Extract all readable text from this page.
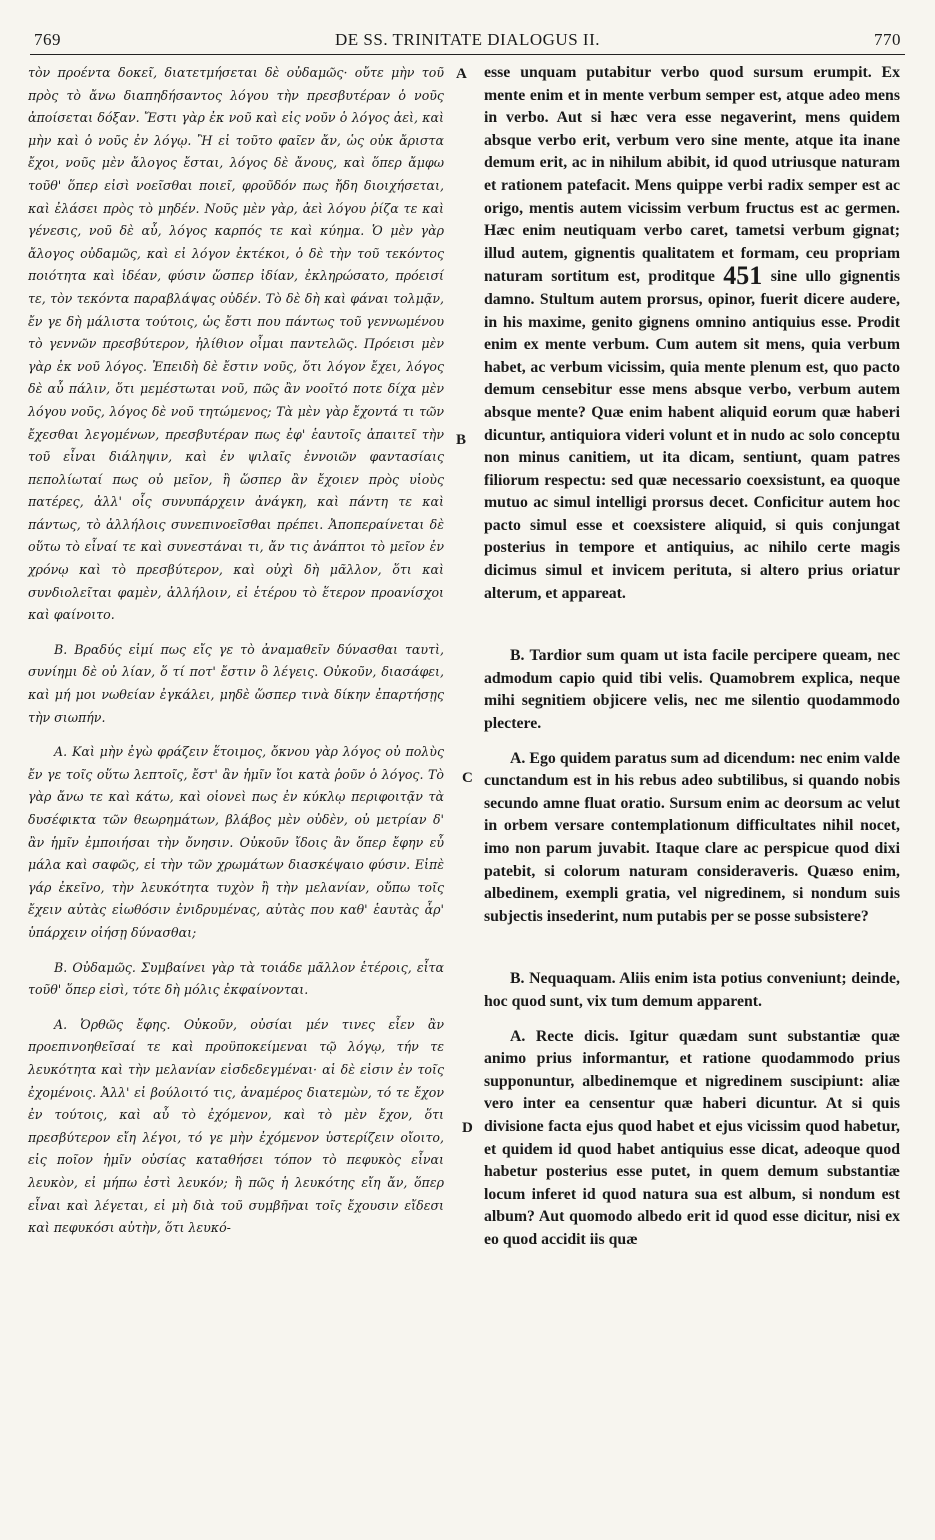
769	DE SS. TRINITATE DIALOGUS II.	770

τὸν προέντα δοκεῖ, διατετμήσεται δὲ οὐδαμῶς· οὔτε μὴν τοῦ πρὸς τὸ ἄνω διαπηδήσαντος λόγου τὴν πρεσβυτέραν ὁ νοῦς ἀποίσεται δόξαν. Ἔστι γὰρ ἐκ νοῦ καὶ εἰς νοῦν ὁ λόγος ἀεὶ, καὶ μὴν καὶ ὁ νοῦς ἐν λόγῳ. Ἢ εἰ τοῦτο φαῖεν ἄν, ὡς οὐκ ἄριστα ἔχοι, νοῦς μὲν ἄλογος ἔσται, λόγος δὲ ἄνους, καὶ ὅπερ ἄμφω τοῦθ' ὅπερ εἰσὶ νοεῖσθαι ποιεῖ, φροῦδόν πως ἤδη διοιχήσεται, καὶ ἐλάσει πρὸς τὸ μηδέν. Νοῦς μὲν γὰρ, ἀεὶ λόγου ῥίζα τε καὶ γένεσις, νοῦ δὲ αὖ, λόγος καρπός τε καὶ κύημα. Ὁ μὲν γὰρ ἄλογος οὐδαμῶς, καὶ εἰ λόγον ἐκτέκοι, ὁ δὲ τὴν τοῦ τεκόντος ποιότητα καὶ ἰδέαν, φύσιν ὥσπερ ἰδίαν, ἐκληρώσατο, πρόεισί τε, τὸν τεκόντα παραβλάψας οὐδέν. Τὸ δὲ δὴ καὶ φάναι τολμᾷν, ἔν γε δὴ μάλιστα τούτοις, ὡς ἔστι που πάντως τοῦ γεννωμένου τὸ γεννῶν πρεσβύτερον, ἠλίθιον οἶμαι παντελῶς. Πρόεισι μὲν γὰρ ἐκ νοῦ λόγος. Ἐπειδὴ δὲ ἔστιν νοῦς, ὅτι λόγον ἔχει, λόγος δὲ αὖ πάλιν, ὅτι μεμέστωται νοῦ, πῶς ἂν νοοῖτό ποτε δίχα μὲν λόγου νοῦς, λόγος δὲ νοῦ τητώμενος; Τὰ μὲν γὰρ ἔχοντά τι τῶν ἔχεσθαι λεγομένων, πρεσβυτέραν πως ἐφ' ἑαυτοῖς ἀπαιτεῖ τὴν τοῦ εἶναι διάληψιν, καὶ ἐν ψιλαῖς ἐννοιῶν φαντασίαις πεπολίωταί πως οὐ μεῖον, ἢ ὥσπερ ἂν ἔχοιεν πρὸς υἱοὺς πατέρες, ἀλλ' οἷς συνυπάρχειν ἀνάγκη, καὶ πάντη τε καὶ πάντως, τὸ ἀλλήλοις συνεπινοεῖσθαι πρέπει. Ἀποπεραίνεται δὲ οὕτω τὸ εἶναί τε καὶ συνεστάναι τι, ἄν τις ἀνάπτοι τὸ μεῖον ἐν χρόνῳ καὶ τὸ πρεσβύτερον, καὶ οὐχὶ δὴ μᾶλλον, ὅτι καὶ συνδιολεῖται φαμὲν, ἀλλήλοιν, εἰ ἑτέρου τὸ ἕτερον προανίσχοι καὶ φαίνοιτο.

Β. Βραδύς εἰμί πως εἴς γε τὸ ἀναμαθεῖν δύνασθαι ταυτὶ, συνίημι δὲ οὐ λίαν, ὅ τί ποτ' ἔστιν ὃ λέγεις. Οὐκοῦν, διασάφει, καὶ μή μοι νωθείαν ἐγκάλει, μηδὲ ὥσπερ τινὰ δίκην ἐπαρτήσῃς τὴν σιωπήν.

Α. Καὶ μὴν ἐγὼ φράζειν ἕτοιμος, ὄκνου γὰρ λόγος οὐ πολὺς ἔν γε τοῖς οὕτω λεπτοῖς, ἔστ' ἂν ἡμῖν ἴοι κατὰ ῥοῦν ὁ λόγος. Τὸ γὰρ ἄνω τε καὶ κάτω, καὶ οἱονεὶ πως ἐν κύκλῳ περιφοιτᾷν τὰ δυσέφικτα τῶν θεωρημάτων, βλάβος μὲν οὐδὲν, οὐ μετρίαν δ' ἂν ἡμῖν ἐμποιήσαι τὴν ὄνησιν. Οὐκοῦν ἴδοις ἂν ὅπερ ἔφην εὖ μάλα καὶ σαφῶς, εἰ τὴν τῶν χρωμάτων διασκέψαιο φύσιν. Εἰπὲ γάρ ἐκεῖνο, τὴν λευκότητα τυχὸν ἢ τὴν μελανίαν, οὔπω τοῖς ἔχειν αὐτὰς εἰωθόσιν ἐνιδρυμένας, αὐτὰς που καθ' ἑαυτὰς ἆρ' ὑπάρχειν οἰήσῃ δύνασθαι;

Β. Οὐδαμῶς. Συμβαίνει γὰρ τὰ τοιάδε μᾶλλον ἑτέροις, εἶτα τοῦθ' ὅπερ εἰσὶ, τότε δὴ μόλις ἐκφαίνονται.

Α. Ὀρθῶς ἔφης. Οὐκοῦν, οὐσίαι μέν τινες εἶεν ἂν προεπινοηθεῖσαί τε καὶ προϋποκείμεναι τῷ λόγῳ, τήν τε λευκότητα καὶ τὴν μελανίαν εἰσδεδεγμέναι· αἱ δὲ εἰσιν ἐν τοῖς ἐχομένοις. Ἀλλ' εἰ βούλοιτό τις, ἀναμέρος διατεμὼν, τό τε ἔχον ἐν τούτοις, καὶ αὖ τὸ ἐχόμενον, καὶ τὸ μὲν ἔχον, ὅτι πρεσβύτερον εἴη λέγοι, τό γε μὴν ἐχόμενον ὑστερίζειν οἴοιτο, εἰς ποῖον ἡμῖν οὐσίας καταθήσει τόπον τὸ πεφυκὸς εἶναι λευκὸν, εἰ μήπω ἐστὶ λευκόν; ἢ πῶς ἡ λευκότης εἴη ἄν, ὅπερ εἶναι καὶ λέγεται, εἰ μὴ διὰ τοῦ συμβῆναι τοῖς ἔχουσιν εἴδεσι καὶ πεφυκόσι αὐτὴν, ὅτι λευκό-

A
B
C
D

esse unquam putabitur verbo quod sursum erumpit. Ex mente enim et in mente verbum semper est, atque adeo mens in verbo. Aut si hæc vera esse negaverint, mens quidem absque verbo erit, verbum vero sine mente, atque ita inane demum erit, ac in nihilum abibit, id quod utriusque naturam et rationem patefacit. Mens quippe verbi radix semper est ac origo, mentis autem vicissim verbum fructus est ac germen. Hæc enim neutiquam verbo caret, tametsi verbum gignat; illud autem, gignentis qualitatem et formam, ceu propriam naturam sortitum est, proditque 451 sine ullo gignentis damno. Stultum autem prorsus, opinor, fuerit dicere audere, in his maxime, genito gignens omnino antiquius esse. Prodit enim ex mente verbum. Cum autem sit mens, quia verbum habet, ac verbum vicissim, quia mente plenum est, quo pacto demum censebitur esse mens absque verbo, verbum autem absque mente? Quæ enim habent aliquid eorum quæ haberi dicuntur, antiquiora videri volunt et in nudo ac solo conceptu non minus canitiem, ut ita dicam, sentiunt, quam patres filiorum respectu: sed quæ necessario coexsistunt, ea quoque mutuo ac simul intelligi prorsus decet. Conficitur autem hoc pacto simul esse et coexsistere aliquid, si quis conjungat posterius in tempore et antiquius, ac nihilo certe magis dicimus simul et invicem perituta, si altero prius oriatur alterum, et appareat.

B. Tardior sum quam ut ista facile percipere queam, nec admodum capio quid tibi velis. Quamobrem explica, neque mihi segnitiem objicere velis, nec me silentio quodammodo plectere.

A. Ego quidem paratus sum ad dicendum: nec enim valde cunctandum est in his rebus adeo subtilibus, si quando nobis secundo amne fluat oratio. Sursum enim ac deorsum ac velut in orbem versare contemplationum difficultates nihil nocet, imo non parum juvabit. Itaque clare ac perspicue quod dixi patebit, si colorum naturam consideraveris. Quæso enim, albedinem, exempli gratia, vel nigredinem, si nondum suis subjectis insederint, num putabis per se posse subsistere?

B. Nequaquam. Aliis enim ista potius conveniunt; deinde, hoc quod sunt, vix tum demum apparent.

A. Recte dicis. Igitur quædam sunt substantiæ quæ animo prius informantur, et ratione quodammodo prius supponuntur, albedinemque et nigredinem suscipiunt: aliæ vero inter ea censentur quæ haberi dicuntur. At si quis divisione facta ejus quod habet et ejus vicissim quod habetur, et quidem id quod habet antiquius esse dicat, adeoque quod habetur posterius esse putet, in quem demum substantiæ locum inferet id quod natura sua est album, si nondum est album? Aut quomodo albedo erit id quod esse dicitur, nisi ex eo quod accidit iis quæ
